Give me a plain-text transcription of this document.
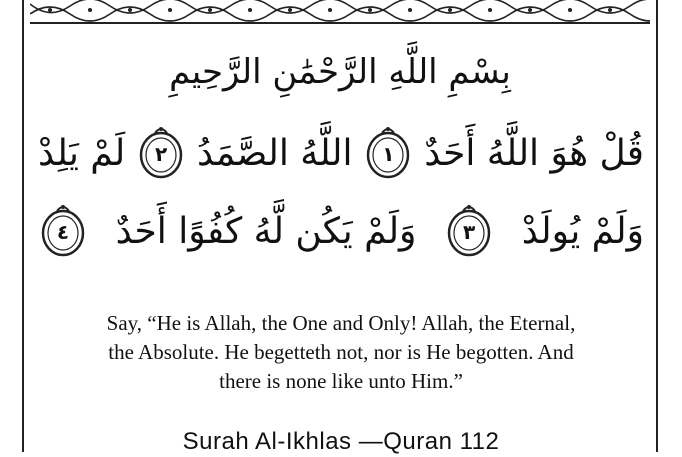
بِسْمِ اللَّهِ الرَّحْمَٰنِ الرَّحِيمِ
قُلْ هُوَ اللَّهُ أَحَدٌ
١
اللَّهُ الصَّمَدُ
٢
لَمْ يَلِدْ
وَلَمْ يُولَدْ
٣
وَلَمْ يَكُن لَّهُ كُفُوًا أَحَدٌ
٤
Say, “He is Allah, the One and Only! Allah, the Eternal,
the Absolute. He begetteth not, nor is He begotten. And
there is none like unto Him.”
Surah Al-Ikhlas —Quran 112
